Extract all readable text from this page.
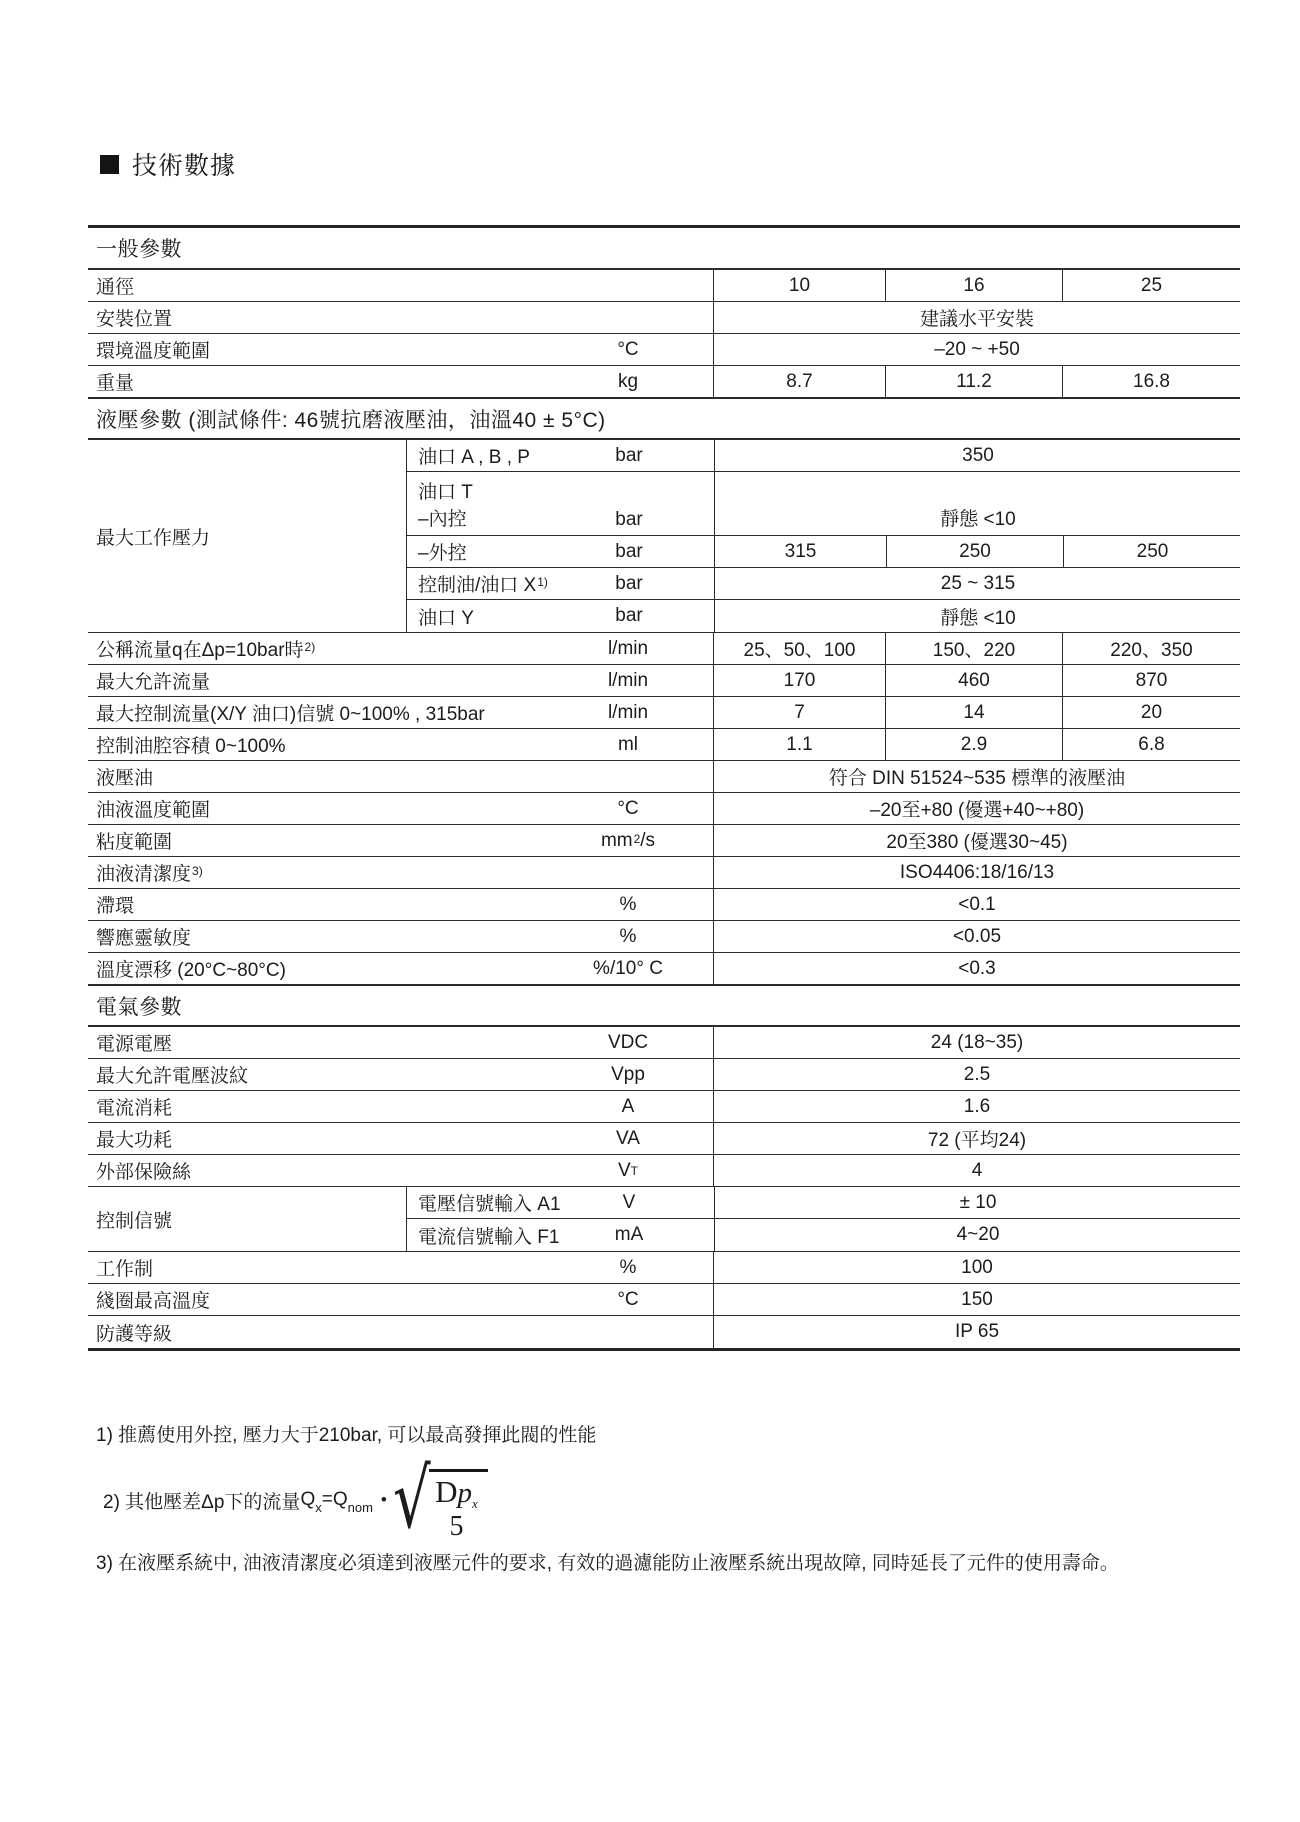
技術數據
一般參數
通徑	10	16	25
安裝位置	建議水平安裝
環境溫度範圍	°C	–20 ~ +50
重量	kg	8.7	11.2	16.8
液壓參數 (測試條件: 46號抗磨液壓油，油溫40 ± 5°C)
最大工作壓力
油口 A , B , P	bar	350
油口 T
–內控	bar	靜態 <10
–外控	bar	315	250	250
控制油/油口 $X^{1)}$	bar	25 ~ 315
油口 Y	bar	靜態 <10
公稱流量q在Δp=10bar時$^{2)}$	l/min	25、50、100	150、220	220、350
最大允許流量	l/min	170	460	870
最大控制流量(X/Y 油口)信號 0~100% , 315bar	l/min	7	14	20
控制油腔容積 0~100%	ml	1.1	2.9	6.8
液壓油	符合 DIN 51524~535 標準的液壓油
油液溫度範圍	°C	–20至+80 (優選+40~+80)
粘度範圍	$mm^2$ /s	20至380 (優選30~45)
油液清潔度$^{3)}$	ISO4406:18/16/13
滯環	%	<0.1
響應靈敏度	%	<0.05
溫度漂移 (20°C~80°C)	%/10° C	<0.3
電氣參數
電源電壓	VDC	24 (18~35)
最大允許電壓波紋	Vpp	2.5
電流消耗	A	1.6
最大功耗	VA	72 (平均24)
外部保險絲	V T	4
控制信號
電壓信號輸入 A1	V	± 10
電流信號輸入 F1	mA	4~20
工作制	%	100
綫圈最高溫度	°C	150
防護等級	IP 65
1) 推薦使用外控, 壓力大于210bar, 可以最高發揮此閥的性能
2) 其他壓差Δp下的流量 $Q_x=Q_{nom}$ • √ $Dp_x$
5
3) 在液壓系統中, 油液清潔度必須達到液壓元件的要求, 有效的過濾能防止液壓系統出現故障, 同時延長了元件的使用壽命。
